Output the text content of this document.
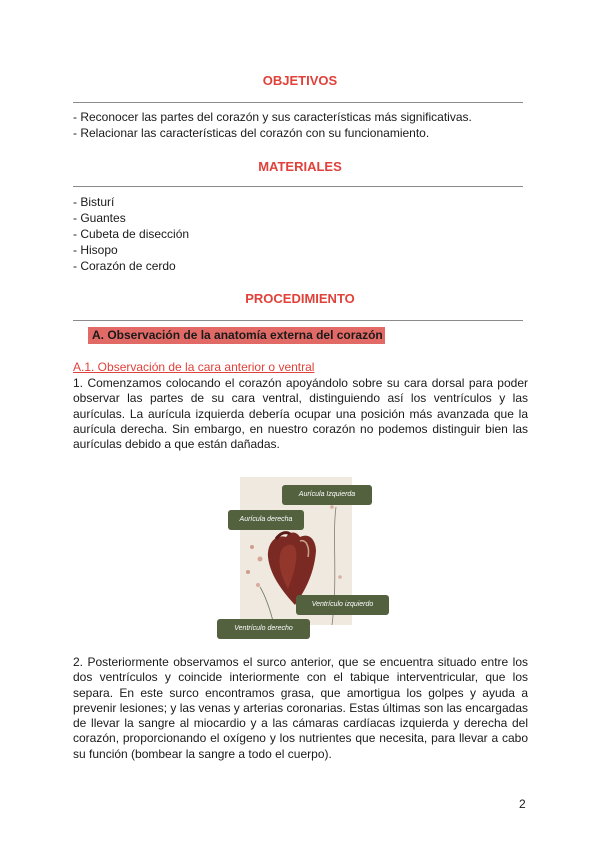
OBJETIVOS
- Reconocer las partes del corazón y sus características más significativas.
- Relacionar las características del corazón con su funcionamiento.
MATERIALES
- Bisturí
- Guantes
- Cubeta de disección
- Hisopo
- Corazón de cerdo
PROCEDIMIENTO
A. Observación de la anatomía externa del corazón
A.1. Observación de la cara anterior o ventral
1. Comenzamos colocando el corazón apoyándolo sobre su cara dorsal para poder observar las partes de su cara ventral, distinguiendo así los ventrículos y las aurículas. La aurícula izquierda debería ocupar una posición más avanzada que la aurícula derecha. Sin embargo, en nuestro corazón no podemos distinguir bien las aurículas debido a que están dañadas.
Aurícula Izquierda
Aurícula derecha
Ventrículo izquierdo
Ventrículo derecho
2. Posteriormente observamos el surco anterior, que se encuentra situado entre los dos ventrículos y coincide interiormente con el tabique interventricular, que los separa. En este surco encontramos grasa, que amortigua los golpes y ayuda a prevenir lesiones; y las venas y arterias coronarias. Estas últimas son las encargadas de llevar la sangre al miocardio y a las cámaras cardíacas izquierda y derecha del corazón, proporcionando el oxígeno y los nutrientes que necesita, para llevar a cabo su función (bombear la sangre a todo el cuerpo).
2
